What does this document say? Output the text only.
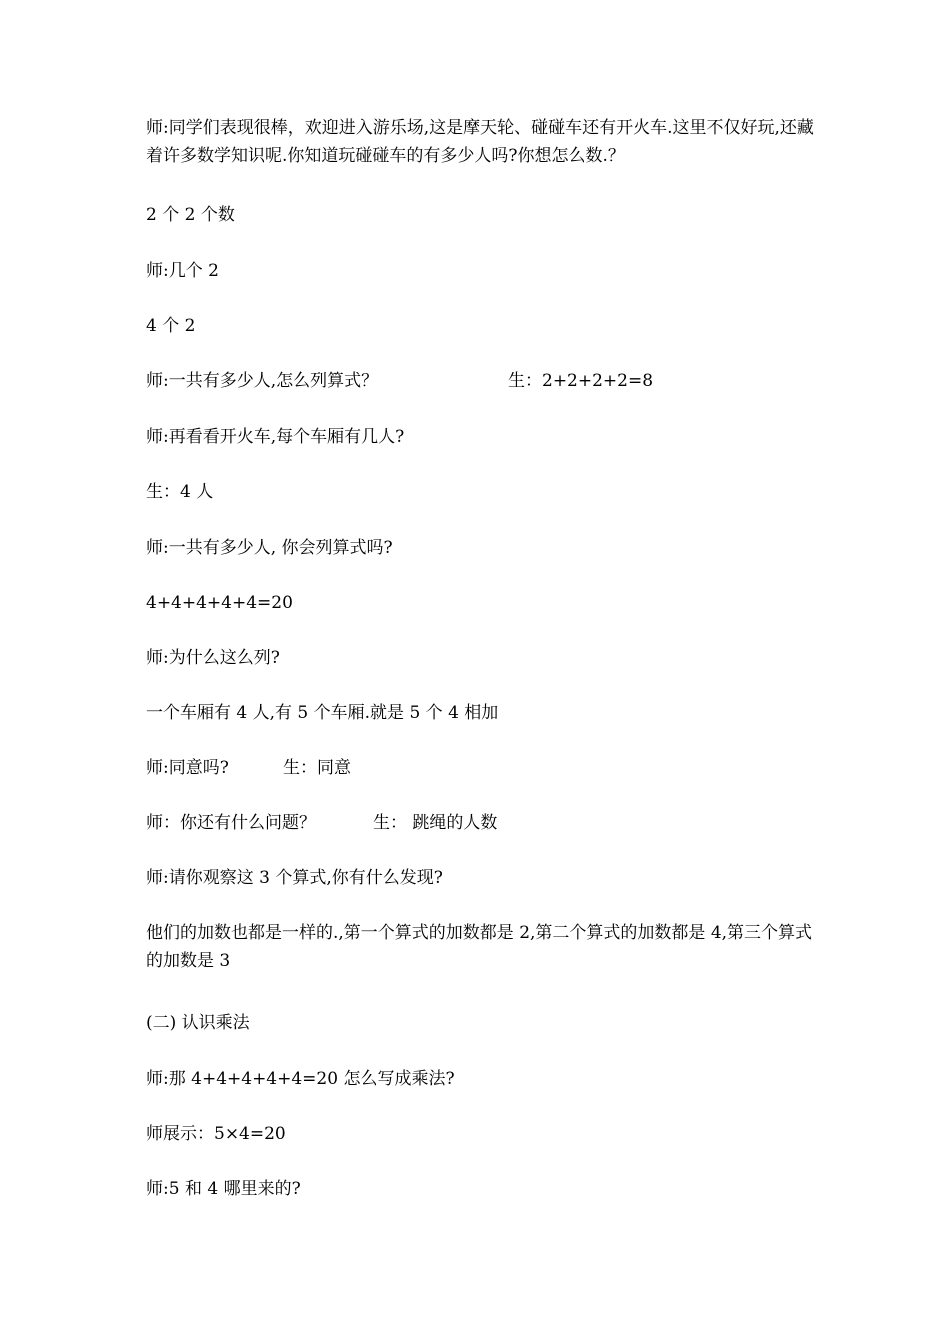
师:同学们表现很棒，欢迎进入游乐场,这是摩天轮、碰碰车还有开火车.这里不仅好玩,还藏着许多数学知识呢.你知道玩碰碰车的有多少人吗?你想怎么数.？
2 个 2 个数
师:几个 2
4 个 2
师:一共有多少人,怎么列算式？	生：2+2+2+2=8
师:再看看开火车,每个车厢有几人?
生：4 人
师:一共有多少人, 你会列算式吗?
4+4+4+4+4=20
师:为什么这么列?
一个车厢有 4 人,有 5 个车厢.就是 5 个 4 相加
师:同意吗?	生：同意
师：你还有什么问题？	生： 跳绳的人数
师:请你观察这 3 个算式,你有什么发现?
他们的加数也都是一样的.,第一个算式的加数都是 2,第二个算式的加数都是 4,第三个算式的加数是 3
(二) 认识乘法
师:那 4+4+4+4+4=20 怎么写成乘法?
师展示：5×4=20
师:5 和 4 哪里来的?
